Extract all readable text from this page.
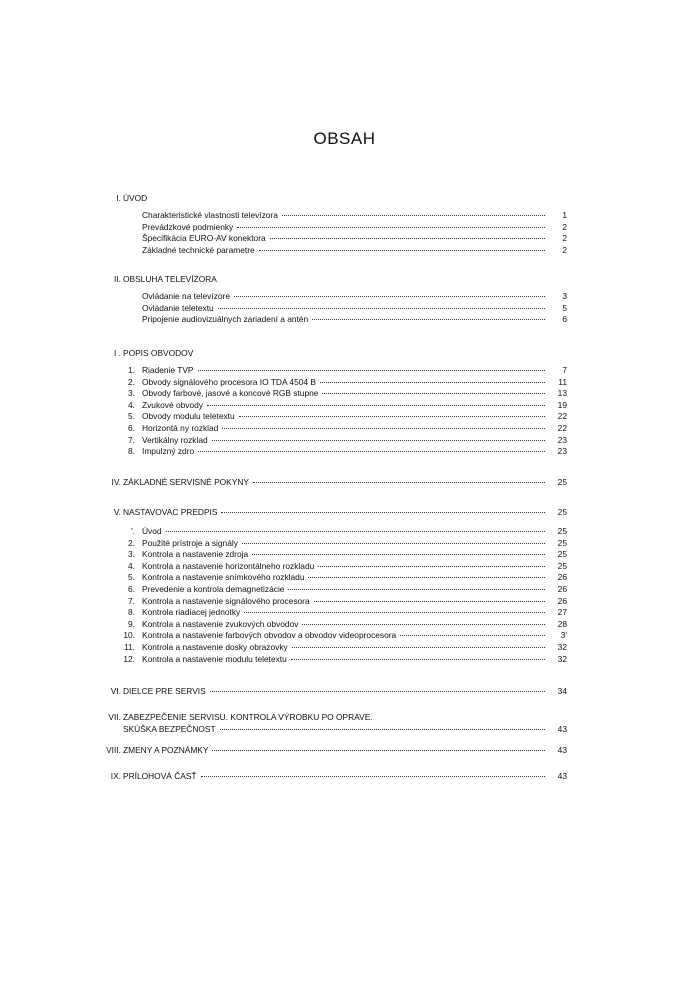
OBSAH
I. ÚVOD
Charakteristické vlastnosti televízora	1
Prevádzkové podmienky	2
Špecifikácia EURO-AV konektora	2
Základné technické parametre	2
II. OBSLUHA TELEVÍZORA
Ovládanie na televízore	3
Ovládanie teletextu	5
Pripojenie audiovizuálnych zariadení a antén	6
I . POPIS OBVODOV
1. Riadenie TVP	7
2. Obvody signálového procesora IO TDA 4504 B	11
3. Obvody farbové, jasové a koncové RGB stupne	13
4. Zvukové obvody	19
5. Obvody modulu teletextu	22
6. Horizontá ny rozklad	22
7. Vertikálny rozklad	23
8. Impulzný zdro	23
IV. ZÁKLADNÉ SERVISNÉ POKYNY	25
V. NASTAVOVAC PREDPIS	25
'. Úvod	25
2. Použité prístroje a signály	25
3. Kontrola a nastavenie zdroja	25
4. Kontrola a nastavenie horizontálneho rozkladu	25
5. Kontrola a nastavenie snímkového rozkladu	26
6. Prevedenie a kontrola demagnetizácie	26
7. Kontrola a nastavenie signálového procesora	26
8. Kontrola riadiacej jednotky	27
9. Kontrola a nastavenie zvukových obvodov	28
10. Kontrola a nastavenie farbových obvodov a obvodov videoprocesora	3'
11. Kontrola a nastavenie dosky obrazovky	32
12. Kontrola a nastavenie modulu teletextu	32
VI. DIELCE PRE SERVIS	34
VII. ZABEZPEČENIE SERVISU. KONTROLA VÝROBKU PO OPRAVE.
SKÚŠKA BEZPEČNOST	43
VIII. ZMENY A POZNÁMKY	43
IX. PRÍLOHOVÁ ČASŤ	43
